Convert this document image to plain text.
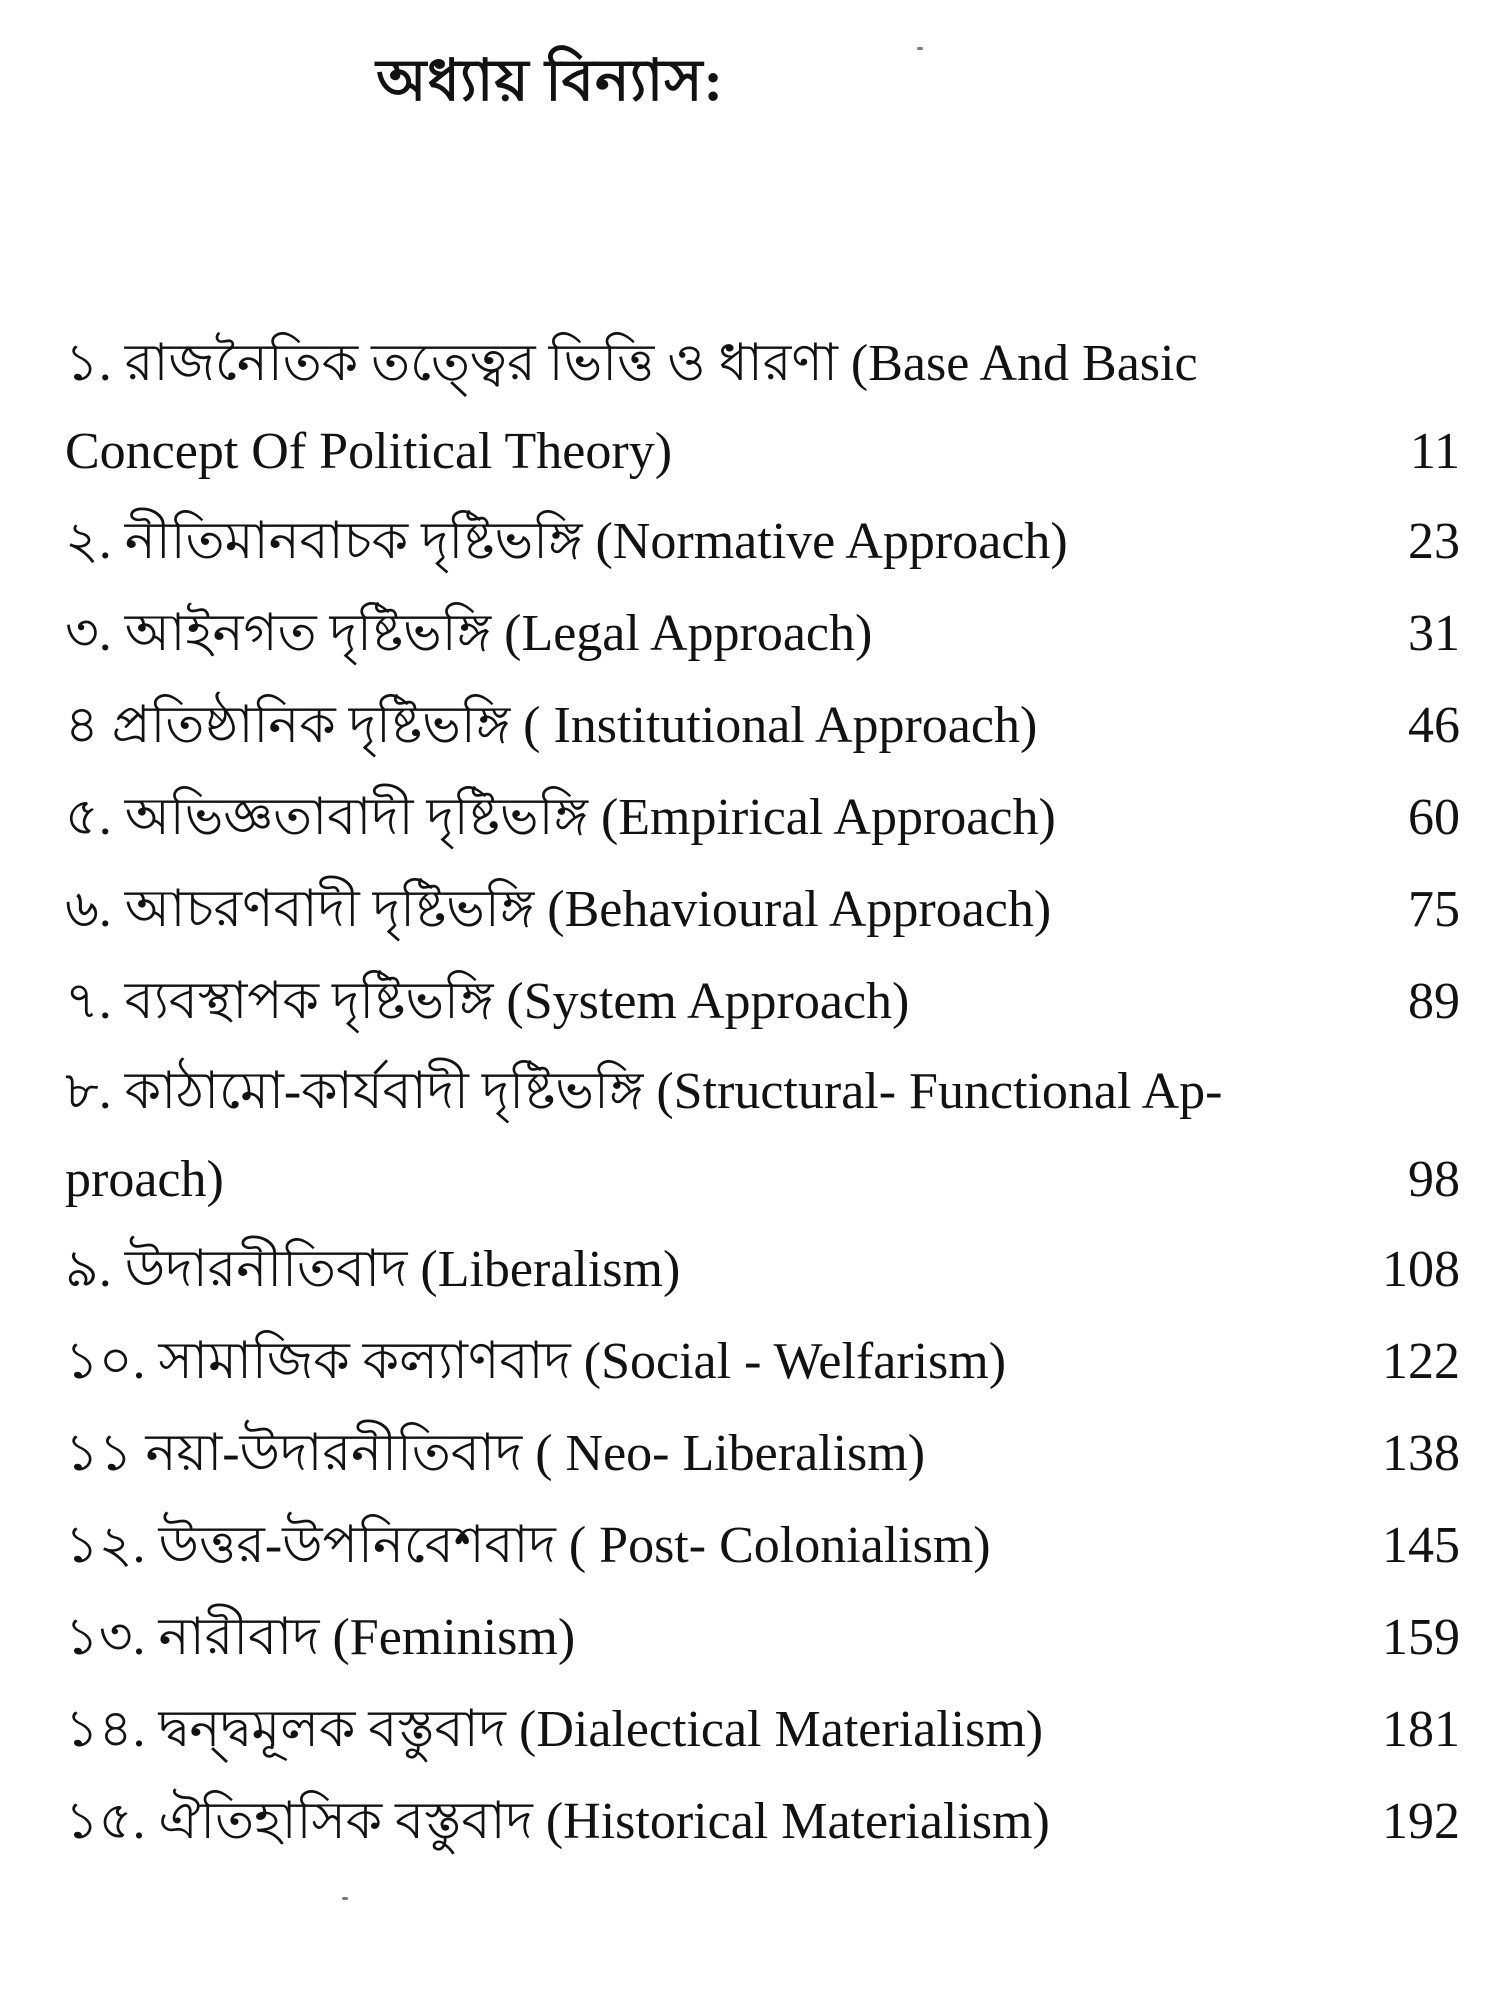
অধ্যায় বিন্যাস:
১. রাজনৈতিক তত্ত্বের ভিত্তি ও ধারণা (Base And Basic Concept Of Political Theory)	11
২. নীতিমানবাচক দৃষ্টিভঙ্গি (Normative Approach)	23
৩. আইনগত দৃষ্টিভঙ্গি (Legal Approach)	31
৪ প্রতিষ্ঠানিক দৃষ্টিভঙ্গি ( Institutional Approach)	46
৫. অভিজ্ঞতাবাদী দৃষ্টিভঙ্গি (Empirical Approach)	60
৬. আচরণবাদী দৃষ্টিভঙ্গি (Behavioural Approach)	75
৭. ব্যবস্থাপক দৃষ্টিভঙ্গি (System Approach)	89
৮. কাঠামো-কার্যবাদী দৃষ্টিভঙ্গি (Structural- Functional Ap-proach)	98
৯. উদারনীতিবাদ (Liberalism)	108
১০. সামাজিক কল্যাণবাদ (Social - Welfarism)	122
১১ নয়া-উদারনীতিবাদ ( Neo- Liberalism)	138
১২. উত্তর-উপনিবেশবাদ ( Post- Colonialism)	145
১৩. নারীবাদ (Feminism)	159
১৪. দ্বন্দ্বমূলক বস্তুবাদ (Dialectical Materialism)	181
১৫. ঐতিহাসিক বস্তুবাদ (Historical Materialism)	192
